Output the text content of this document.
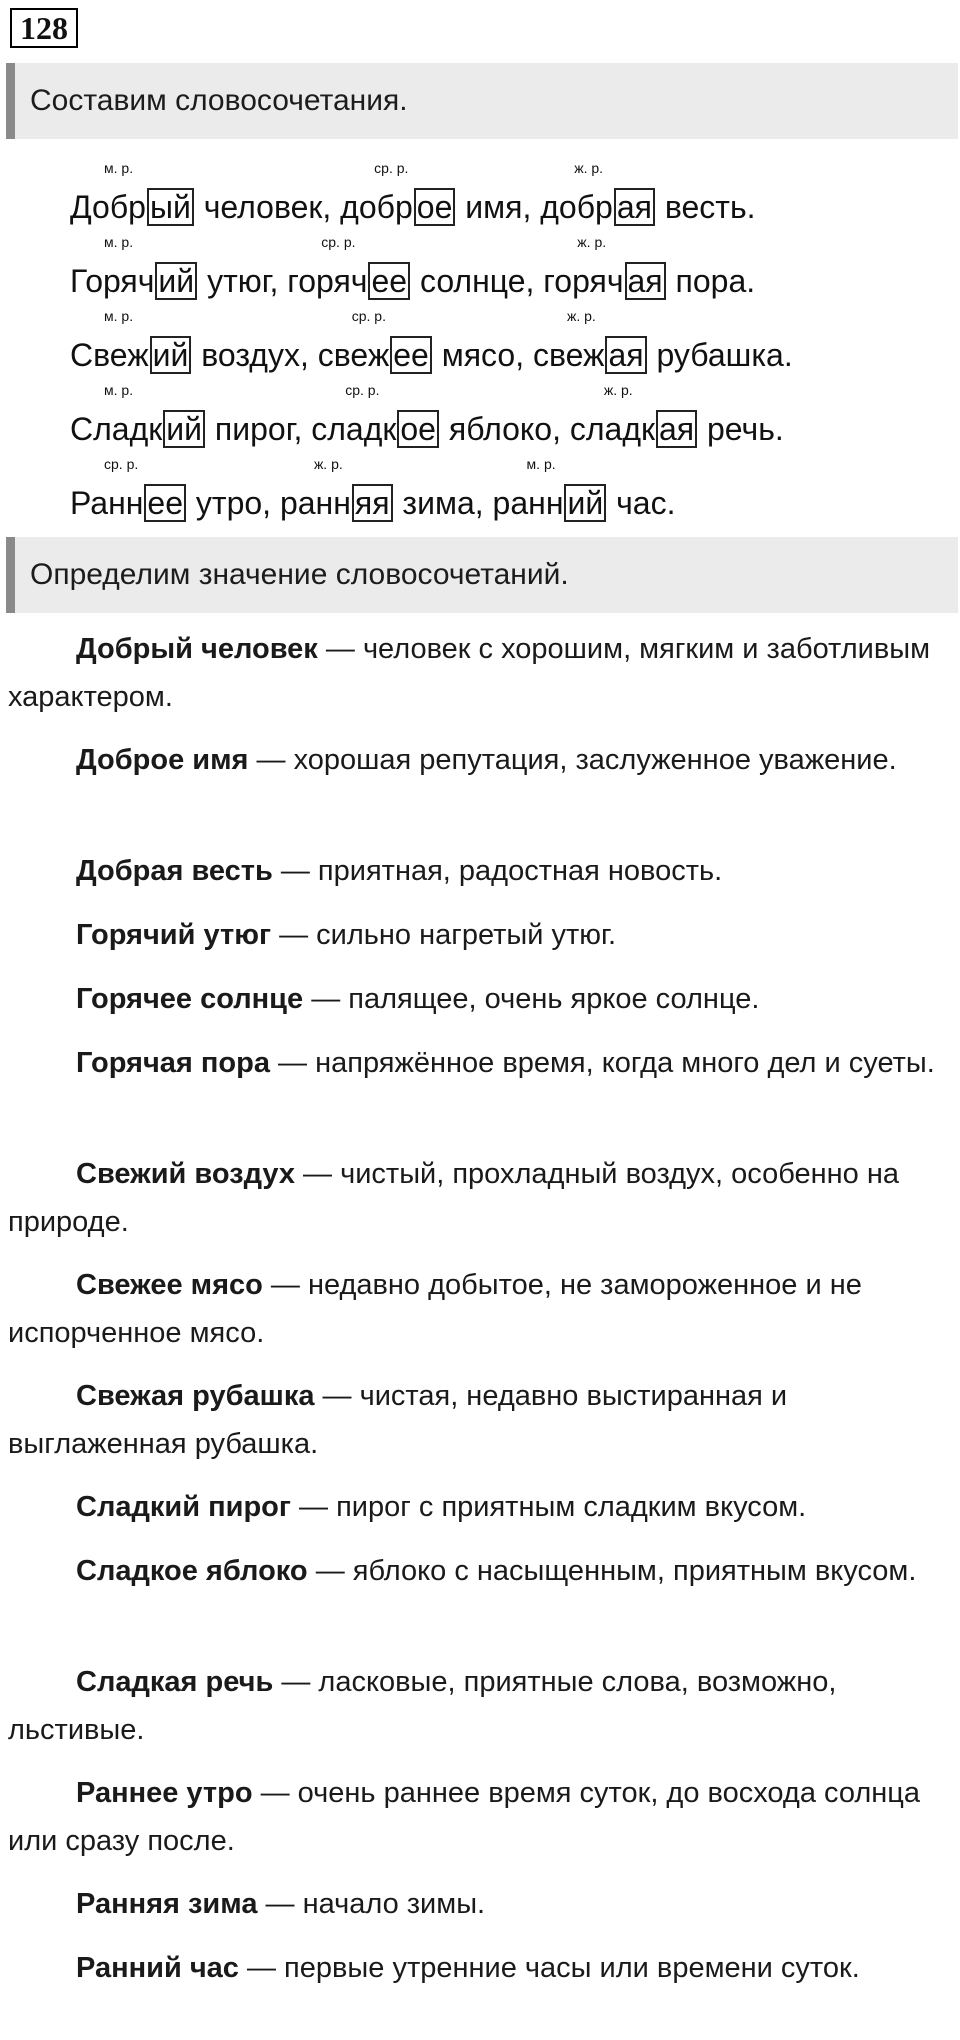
128
Составим словосочетания.
м. р.
Добр ый человек,
ср. р.
добр ое имя,
ж. р.
добр ая весть.
м. р.
Горяч ий утюг,
ср. р.
горяч ее солнце,
ж. р.
горяч ая пора.
м. р.
Свеж ий воздух,
ср. р.
свеж ее мясо,
ж. р.
свеж ая рубашка.
м. р.
Сладк ий пирог,
ср. р.
сладк ое яблоко,
ж. р.
сладк ая речь.
ср. р.
Ранн ее утро,
ж. р.
ранн яя зима,
м. р.
ранн ий час.
Определим значение словосочетаний.
Добрый человек — человек с хорошим, мягким и заботливым характером.
Доброе имя — хорошая репутация, заслуженное уважение.
Добрая весть — приятная, радостная новость.
Горячий утюг — сильно нагретый утюг.
Горячее солнце — палящее, очень яркое солнце.
Горячая пора — напряжённое время, когда много дел и суеты.
Свежий воздух — чистый, прохладный воздух, особенно на природе.
Свежее мясо — недавно добытое, не замороженное и не испорченное мясо.
Свежая рубашка — чистая, недавно выстиранная и выглаженная рубашка.
Сладкий пирог — пирог с приятным сладким вкусом.
Сладкое яблоко — яблоко с насыщенным, приятным вкусом.
Сладкая речь — ласковые, приятные слова, возможно, льстивые.
Раннее утро — очень раннее время суток, до восхода солнца или сразу после.
Ранняя зима — начало зимы.
Ранний час — первые утренние часы или времени суток.
